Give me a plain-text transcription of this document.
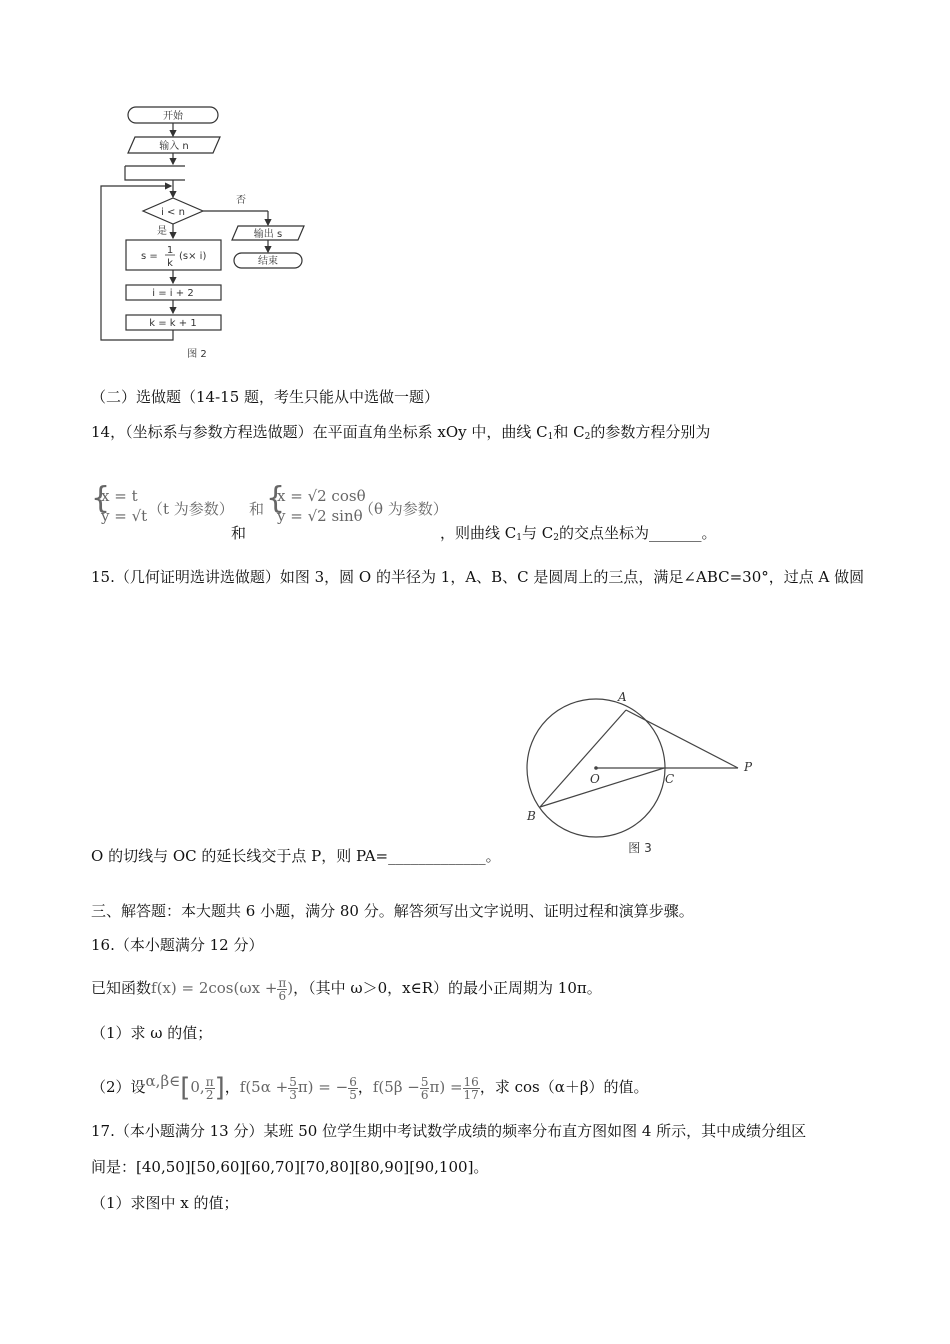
开始
输入 n
i < n
否
是
s =
1
k
(s× i)
i = i + 2
k = k + 1
输出 s
结束
图 2
（二）选做题（14-15 题，考生只能从中选做一题）
14，（坐标系与参数方程选做题）在平面直角坐标系 xOy 中，曲线 $C_1$和 $C_2$的参数方程分别为
{
x = t
y = √t （t 为参数） 和 {
x = √2 cosθ
y = √2 sinθ
（θ 为参数）
和	，则曲线 $C_1$与 $C_2$的交点坐标为_______。
15.（几何证明选讲选做题）如图 3，圆 O 的半径为 1，A、B、C 是圆周上的三点，满足∠ABC=30°，过点 A 做圆
A
B
C
O
P
图 3
O 的切线与 OC 的延长线交于点 P，则 PA=_____________。
三、解答题：本大题共 6 小题，满分 80 分。解答须写出文字说明、证明过程和演算步骤。
16.（本小题满分 12 分）
已知函数$f(x) = 2\cos(\omega x + \frac{\pi}{6}$ )，（其中 ω＞0，x∈R）的最小正周期为 10π。
（1）求 ω 的值；
（2）设α,β∈[0, $\frac{\pi}{2}$ ]，$f(5\alpha + \frac{5}{3} \pi)$ = − $\frac{6}{5}$ ，$f(5\beta - \frac{5}{6} \pi) = \frac{16}{17}$ ，求 cos（α＋β）的值。
17.（本小题满分 13 分）某班 50 位学生期中考试数学成绩的频率分布直方图如图 4 所示，其中成绩分组区
间是：[40,50][50,60][60,70][70,80][80,90][90,100]。
（1）求图中 x 的值；
